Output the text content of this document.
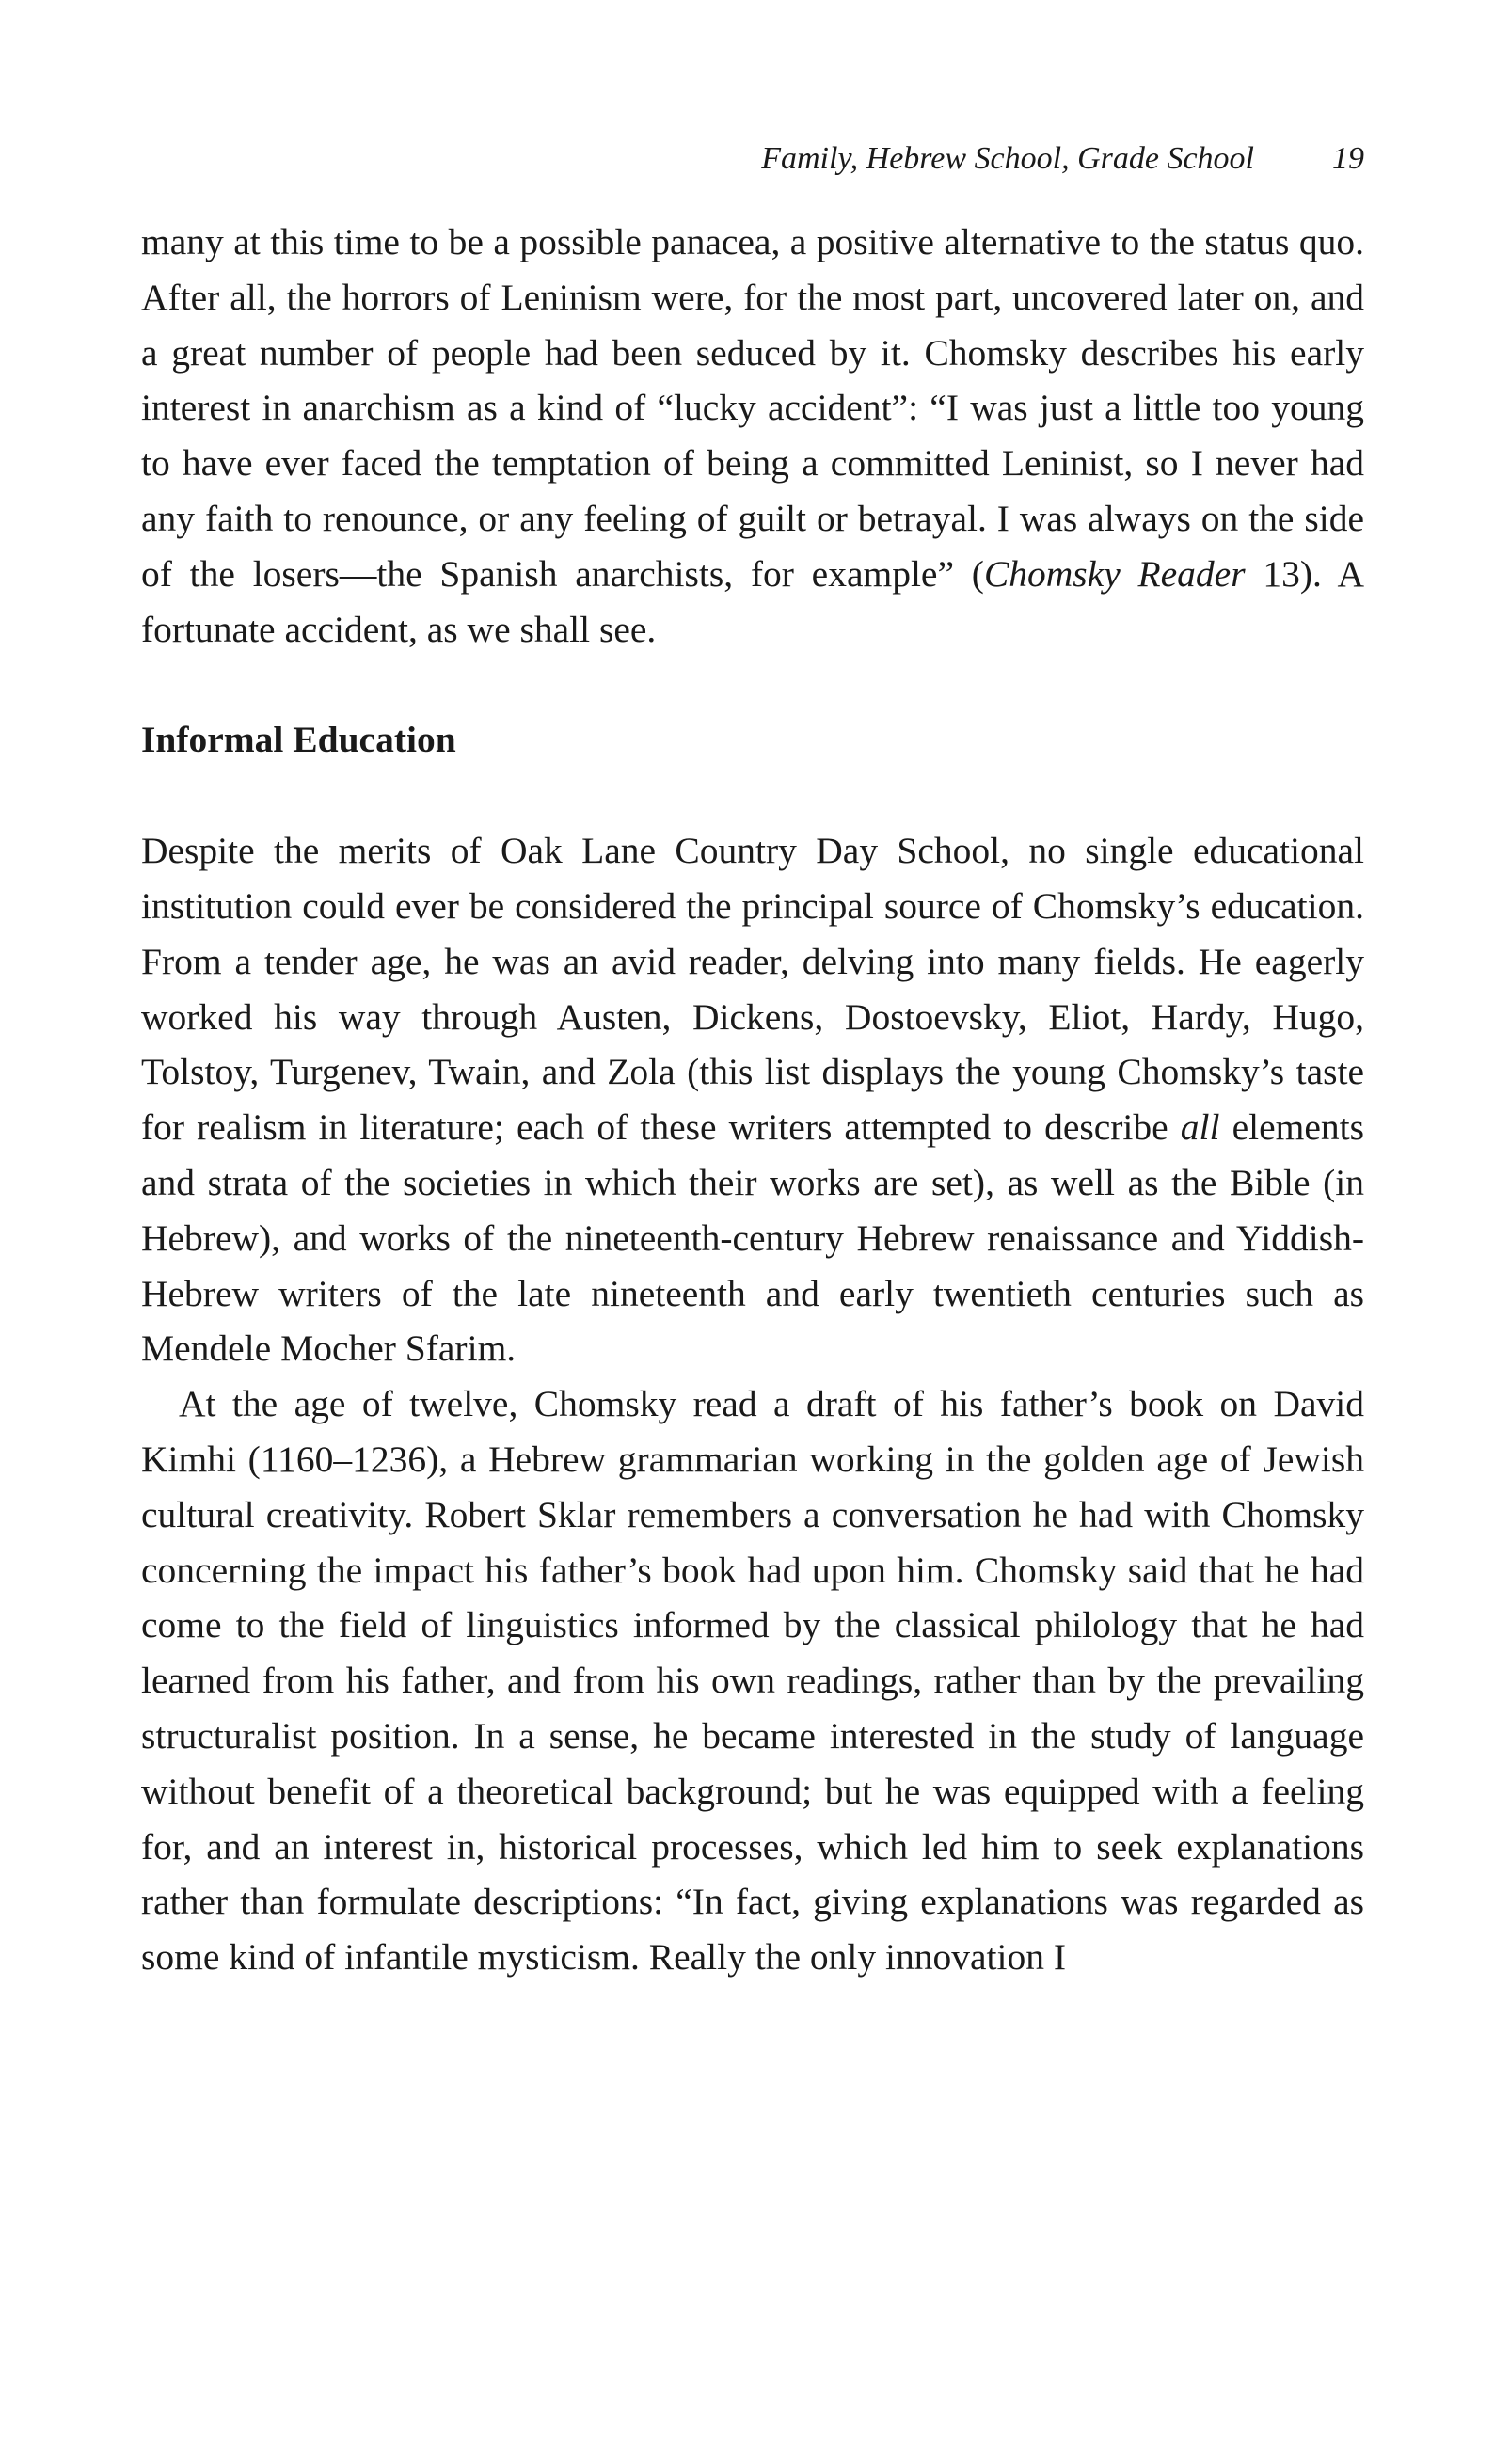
Family, Hebrew School, Grade School 19

many at this time to be a possible panacea, a positive alternative to the status quo. After all, the horrors of Leninism were, for the most part, uncovered later on, and a great number of people had been seduced by it. Chomsky describes his early interest in anarchism as a kind of “lucky accident”: “I was just a little too young to have ever faced the temptation of being a committed Leninist, so I never had any faith to renounce, or any feeling of guilt or betrayal. I was always on the side of the losers—the Spanish anarchists, for example” (Chomsky Reader 13). A fortunate accident, as we shall see.

Informal Education

Despite the merits of Oak Lane Country Day School, no single educational institution could ever be considered the principal source of Chomsky’s education. From a tender age, he was an avid reader, delving into many fields. He eagerly worked his way through Austen, Dickens, Dostoevsky, Eliot, Hardy, Hugo, Tolstoy, Turgenev, Twain, and Zola (this list displays the young Chomsky’s taste for realism in literature; each of these writers attempted to describe all elements and strata of the societies in which their works are set), as well as the Bible (in Hebrew), and works of the nineteenth-century Hebrew renaissance and Yiddish-Hebrew writers of the late nineteenth and early twentieth centuries such as Mendele Mocher Sfarim.

At the age of twelve, Chomsky read a draft of his father’s book on David Kimhi (1160–1236), a Hebrew grammarian working in the golden age of Jewish cultural creativity. Robert Sklar remembers a conversation he had with Chomsky concerning the impact his father’s book had upon him. Chomsky said that he had come to the field of linguistics informed by the classical philology that he had learned from his father, and from his own readings, rather than by the prevailing structuralist position. In a sense, he became interested in the study of language without benefit of a theoretical background; but he was equipped with a feeling for, and an interest in, historical processes, which led him to seek explanations rather than formulate descriptions: “In fact, giving explanations was regarded as some kind of infantile mysticism. Really the only innovation I
